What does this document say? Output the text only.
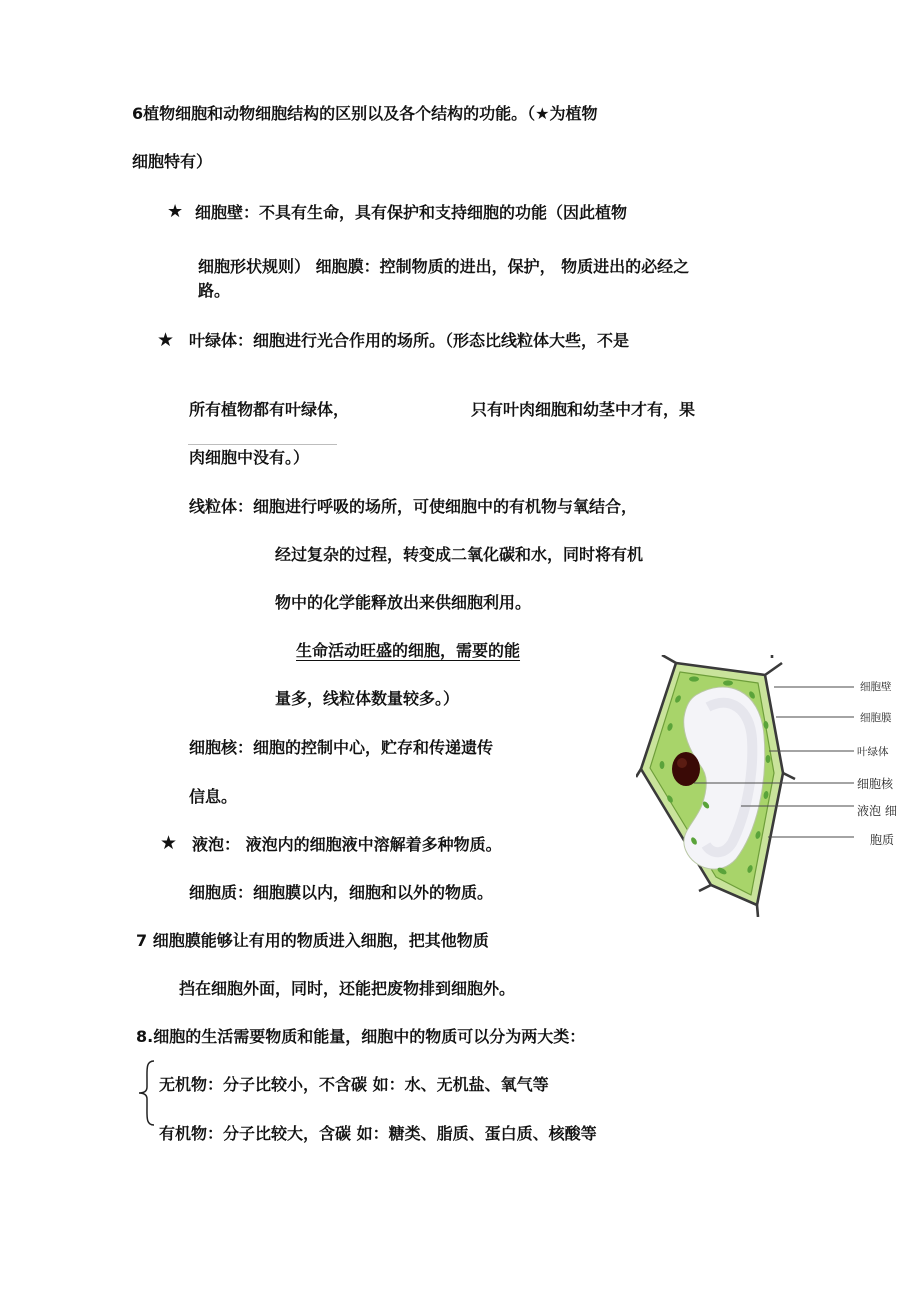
6植物细胞和动物细胞结构的区别以及各个结构的功能。（★为植物

细胞特有）

★ 细胞壁：不具有生命，具有保护和支持细胞的功能（因此植物

细胞形状规则） 细胞膜：控制物质的进出，保护， 物质进出的必经之

路。

★ 叶绿体：细胞进行光合作用的场所。（形态比线粒体大些，不是

所有植物都有叶绿体，	只有叶肉细胞和幼茎中才有，果

肉细胞中没有。）

线粒体：细胞进行呼吸的场所，可使细胞中的有机物与氧结合，

经过复杂的过程，转变成二氧化碳和水，同时将有机

物中的化学能释放出来供细胞利用。

生命活动旺盛的细胞，需要的能

量多，线粒体数量较多。）

细胞核：细胞的控制中心，贮存和传递遗传

信息。

★ 液泡： 液泡内的细胞液中溶解着多种物质。

细胞质：细胞膜以内，细胞和以外的物质。

7 细胞膜能够让有用的物质进入细胞，把其他物质

挡在细胞外面，同时，还能把废物排到细胞外。

8.细胞的生活需要物质和能量，细胞中的物质可以分为两大类：

无机物：分子比较小，不含碳 如：水、无机盐、氧气等

有机物：分子比较大，含碳 如：糖类、脂质、蛋白质、核酸等

细胞壁
细胞膜
叶绿体
细胞核
液泡 细
胞质
